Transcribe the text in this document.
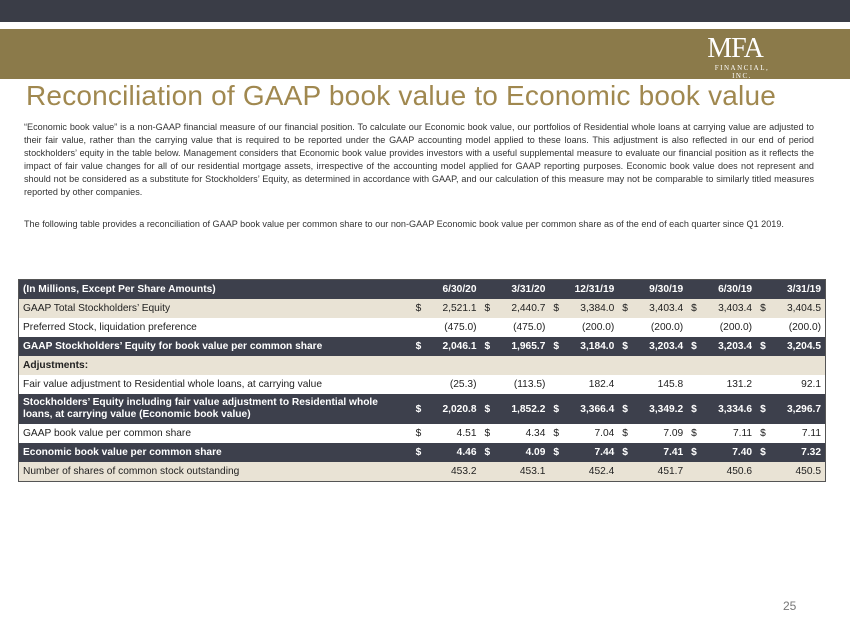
MFA
FINANCIAL, INC.
Reconciliation of GAAP book value to Economic book value
“Economic book value” is a non-GAAP financial measure of our financial position. To calculate our Economic book value, our portfolios of Residential whole loans at carrying value are adjusted to their fair value, rather than the carrying value that is required to be reported under the GAAP accounting model applied to these loans. This adjustment is also reflected in our end of period stockholders’ equity in the table below. Management considers that Economic book value provides investors with a useful supplemental measure to evaluate our financial position as it reflects the impact of fair value changes for all of our residential mortgage assets, irrespective of the accounting model applied for GAAP reporting purposes. Economic book value does not represent and should not be considered as a substitute for Stockholders’ Equity, as determined in accordance with GAAP, and our calculation of this measure may not be comparable to similarly titled measures reported by other companies.
The following table provides a reconciliation of GAAP book value per common share to our non-GAAP Economic book value per common share as of the end of each quarter since Q1 2019.
(In Millions, Except Per Share Amounts)	6/30/20		3/31/20		12/31/19		9/30/19		6/30/19		3/31/19	
GAAP Total Stockholders’ Equity	$	2,521.1	$	2,440.7	$	3,384.0	$	3,403.4	$	3,403.4	$	3,404.5
Preferred Stock, liquidation preference		(475.0)		(475.0)		(200.0)		(200.0)		(200.0)		(200.0)
GAAP Stockholders’ Equity for book value per common share	$	2,046.1	$	1,965.7	$	3,184.0	$	3,203.4	$	3,203.4	$	3,204.5
Adjustments:												
Fair value adjustment to Residential whole loans, at carrying value		(25.3)		(113.5)		182.4		145.8		131.2		92.1
Stockholders’ Equity including fair value adjustment to Residential whole loans, at carrying value (Economic book value)	$	2,020.8	$	1,852.2	$	3,366.4	$	3,349.2	$	3,334.6	$	3,296.7
GAAP book value per common share	$	4.51	$	4.34	$	7.04	$	7.09	$	7.11	$	7.11
Economic book value per common share	$	4.46	$	4.09	$	7.44	$	7.41	$	7.40	$	7.32
Number of shares of common stock outstanding		453.2		453.1		452.4		451.7		450.6		450.5
25
